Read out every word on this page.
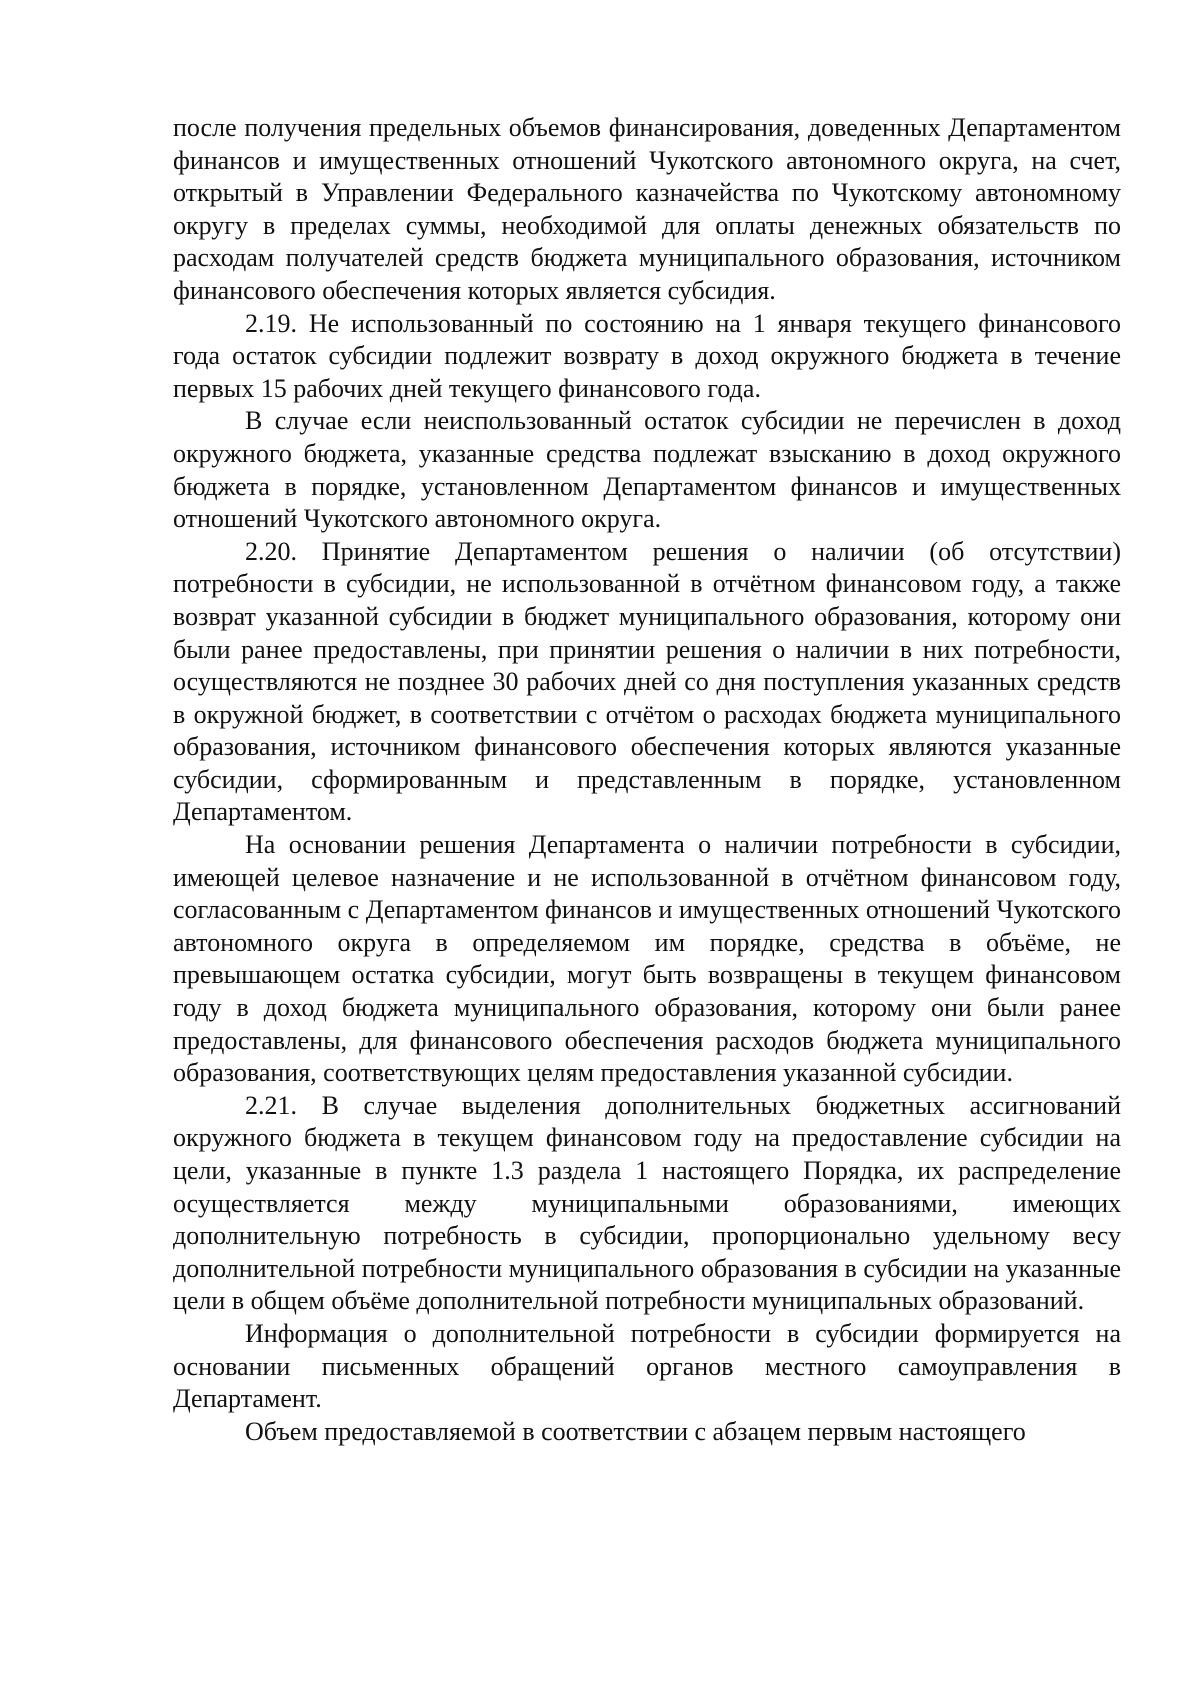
после получения предельных объемов финансирования, доведенных Департаментом финансов и имущественных отношений Чукотского автономного округа, на счет, открытый в Управлении Федерального казначейства по Чукотскому автономному округу в пределах суммы, необходимой для оплаты денежных обязательств по расходам получателей средств бюджета муниципального образования, источником финансового обеспечения которых является субсидия.

2.19. Не использованный по состоянию на 1 января текущего финансового года остаток субсидии подлежит возврату в доход окружного бюджета в течение первых 15 рабочих дней текущего финансового года.

В случае если неиспользованный остаток субсидии не перечислен в доход окружного бюджета, указанные средства подлежат взысканию в доход окружного бюджета в порядке, установленном Департаментом финансов и имущественных отношений Чукотского автономного округа.

2.20. Принятие Департаментом решения о наличии (об отсутствии) потребности в субсидии, не использованной в отчётном финансовом году, а также возврат указанной субсидии в бюджет муниципального образования, которому они были ранее предоставлены, при принятии решения о наличии в них потребности, осуществляются не позднее 30 рабочих дней со дня поступления указанных средств в окружной бюджет, в соответствии с отчётом о расходах бюджета муниципального образования, источником финансового обеспечения которых являются указанные субсидии, сформированным и представленным в порядке, установленном Департаментом.

На основании решения Департамента о наличии потребности в субсидии, имеющей целевое назначение и не использованной в отчётном финансовом году, согласованным с Департаментом финансов и имущественных отношений Чукотского автономного округа в определяемом им порядке, средства в объёме, не превышающем остатка субсидии, могут быть возвращены в текущем финансовом году в доход бюджета муниципального образования, которому они были ранее предоставлены, для финансового обеспечения расходов бюджета муниципального образования, соответствующих целям предоставления указанной субсидии.

2.21. В случае выделения дополнительных бюджетных ассигнований окружного бюджета в текущем финансовом году на предоставление субсидии на цели, указанные в пункте 1.3 раздела 1 настоящего Порядка, их распределение осуществляется между муниципальными образованиями, имеющих дополнительную потребность в субсидии, пропорционально удельному весу дополнительной потребности муниципального образования в субсидии на указанные цели в общем объёме дополнительной потребности муниципальных образований.

Информация о дополнительной потребности в субсидии формируется на основании письменных обращений органов местного самоуправления в Департамент.

Объем предоставляемой в соответствии с абзацем первым настоящего
